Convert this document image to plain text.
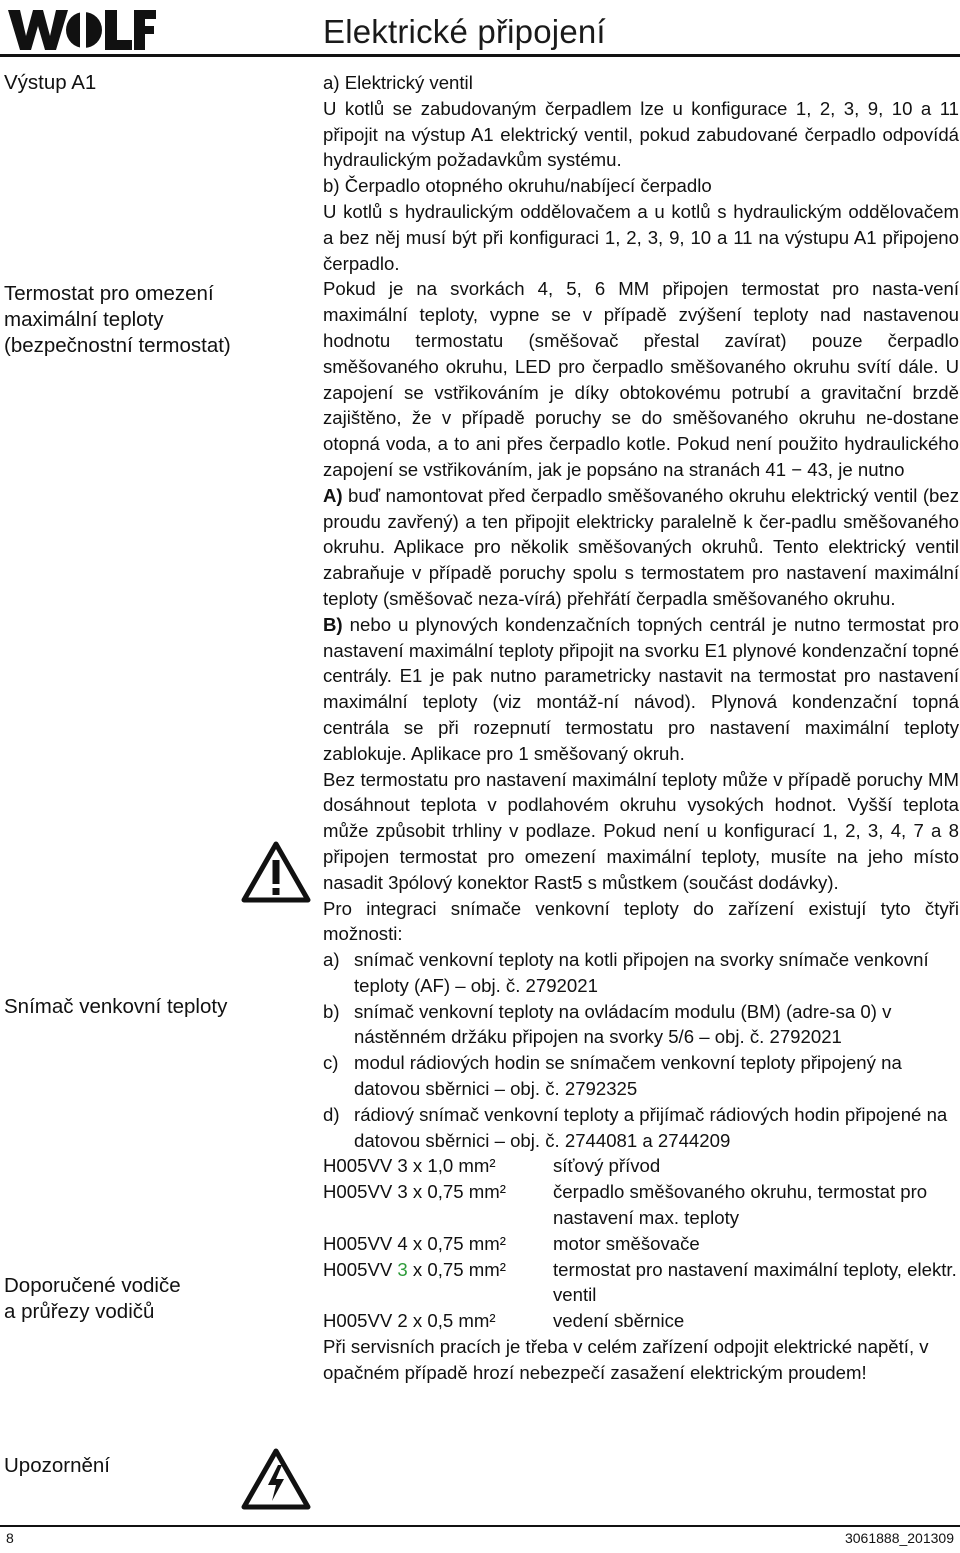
Elektrické připojení
Výstup A1
Termostat pro omezení
maximální teploty
(bezpečnostní termostat)
Snímač venkovní teploty
Doporučené vodiče
a průřezy vodičů
Upozornění

a) Elektrický ventil

U kotlů se zabudovaným čerpadlem lze u konfigurace 1, 2, 3, 9, 10 a 11 připojit na výstup A1 elektrický ventil, pokud zabudované čerpadlo odpovídá hydraulickým požadavkům systému.

b) Čerpadlo otopného okruhu/nabíjecí čerpadlo

U kotlů s hydraulickým oddělovačem a u kotlů s hydraulickým oddělovačem a bez něj musí být při konfiguraci 1, 2, 3, 9, 10 a 11 na výstupu A1 připojeno čerpadlo.

Pokud je na svorkách 4, 5, 6 MM připojen termostat pro nasta-vení maximální teploty, vypne se v případě zvýšení teploty nad nastavenou hodnotu termostatu (směšovač přestal zavírat) pouze čerpadlo směšovaného okruhu, LED pro čerpadlo směšovaného okruhu svítí dále. U zapojení se vstřikováním je díky obtokovému potrubí a gravitační brzdě zajištěno, že v případě poruchy se do směšovaného okruhu ne-dostane otopná voda, a to ani přes čerpadlo kotle. Pokud není použito hydraulického zapojení se vstřikováním, jak je popsáno na stranách 41 − 43, je nutno

A) buď namontovat před čerpadlo směšovaného okruhu elektrický ventil (bez proudu zavřený) a ten připojit elektricky paralelně k čer-padlu směšovaného okruhu. Aplikace pro několik směšovaných okruhů. Tento elektrický ventil zabraňuje v případě poruchy spolu s termostatem pro nastavení maximální teploty (směšovač neza-vírá) přehřátí čerpadla směšovaného okruhu.

B) nebo u plynových kondenzačních topných centrál je nutno termostat pro nastavení maximální teploty připojit na svorku E1 plynové kondenzační topné centrály. E1 je pak nutno parametricky nastavit na termostat pro nastavení maximální teploty (viz montáž-ní návod). Plynová kondenzační topná centrála se při rozepnutí termostatu pro nastavení maximální teploty zablokuje. Aplikace pro 1 směšovaný okruh.

Bez termostatu pro nastavení maximální teploty může v případě poruchy MM dosáhnout teplota v podlahovém okruhu vysokých hodnot. Vyšší teplota může způsobit trhliny v podlaze. Pokud není u konfigurací 1, 2, 3, 4, 7 a 8 připojen termostat pro omezení maximální teploty, musíte na jeho místo nasadit 3pólový konektor Rast5 s můstkem (součást dodávky).

Pro integraci snímače venkovní teploty do zařízení existují tyto čtyři možnosti:

a) snímač venkovní teploty na kotli připojen na svorky snímače venkovní teploty (AF) – obj. č. 2792021
b) snímač venkovní teploty na ovládacím modulu (BM) (adre-sa 0) v nástěnném držáku připojen na svorky 5/6 – obj. č. 2792021
c) modul rádiových hodin se snímačem venkovní teploty připojený na datovou sběrnici – obj. č. 2792325
d) rádiový snímač venkovní teploty a přijímač rádiových hodin připojené na datovou sběrnici – obj. č. 2744081 a 2744209
H005VV 3 x 1,0 mm²	síťový přívod
H005VV 3 x 0,75 mm²	čerpadlo směšovaného okruhu, termostat pro nastavení max. teploty
H005VV 4 x 0,75 mm²	motor směšovače
H005VV 3 x 0,75 mm²	termostat pro nastavení maximální teploty, elektr. ventil
H005VV 2 x 0,5 mm²	vedení sběrnice

Při servisních pracích je třeba v celém zařízení odpojit elektrické napětí, v opačném případě hrozí nebezpečí zasažení elektrickým proudem!

8	3061888_201309
